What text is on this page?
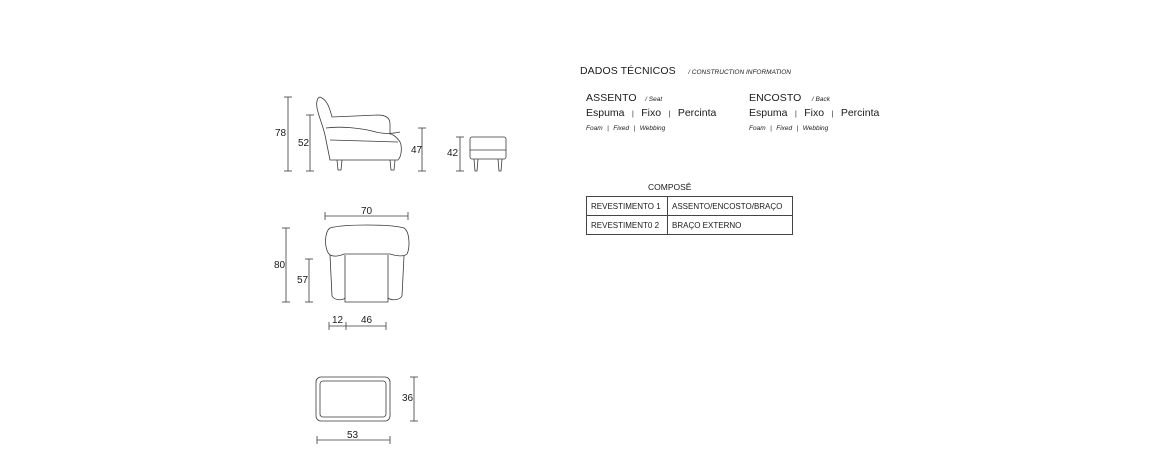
78
52
47 42
70
80
57
12 46
36
53
DADOS TÉCNICOS / CONSTRUCTION INFORMATION
ASSENTO / Seat
Espuma | Fixo | Percinta
Foam | Fixed | Webbing
ENCOSTO / Back
Espuma | Fixo | Percinta
Foam | Fixed | Webbing
COMPOSÊ
REVESTIMENTO 1	ASSENTO/ENCOSTO/BRAÇO
REVESTIMENT0 2	BRAÇO EXTERNO
